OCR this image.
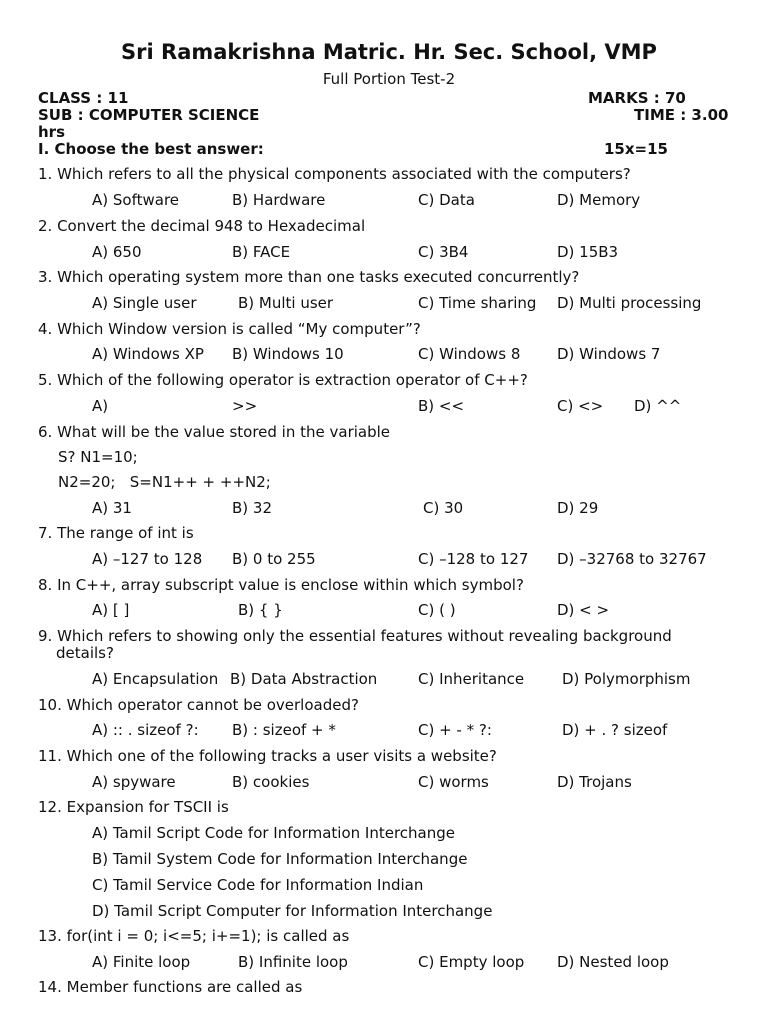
Sri Ramakrishna Matric. Hr. Sec. School, VMP
Full Portion Test-2
CLASS : 11	MARKS : 70
SUB : COMPUTER SCIENCE	TIME : 3.00
hrs
I. Choose the best answer:	15x=15
1. Which refers to all the physical components associated with the computers?
A) Software	B) Hardware	C) Data	D) Memory
2. Convert the decimal 948 to Hexadecimal
A) 650	B) FACE	C) 3B4	D) 15B3
3. Which operating system more than one tasks executed concurrently?
A) Single user	B) Multi user	C) Time sharing D) Multi processing
4. Which Window version is called “My computer”?
A) Windows XP B) Windows 10	C) Windows 8 D) Windows 7
5. Which of the following operator is extraction operator of C++?
A)	>>	B) <<	C) <> D) ^^
6. What will be the value stored in the variable
S? N1=10;
N2=20;   S=N1++ + ++N2;
A) 31	B) 32	C) 30	D) 29
7. The range of int is
A) –127 to 128 B) 0 to 255	C) –128 to 127 D) –32768 to 32767
8. In C++, array subscript value is enclose within which symbol?
A) [ ]	B) { }	C) ( )	D) < >
9. Which refers to showing only the essential features without revealing background
details?
A) Encapsulation B) Data Abstraction	C) Inheritance	D) Polymorphism
10. Which operator cannot be overloaded?
A) :: . sizeof ?: B) : sizeof + *	C) + - * ?:	D) + . ? sizeof
11. Which one of the following tracks a user visits a website?
A) spyware	B) cookies	C) worms	D) Trojans
12. Expansion for TSCII is
A) Tamil Script Code for Information Interchange
B) Tamil System Code for Information Interchange
C) Tamil Service Code for Information Indian
D) Tamil Script Computer for Information Interchange
13. for(int i = 0; i<=5; i+=1); is called as
A) Finite loop	B) Infinite loop	C) Empty loop D) Nested loop
14. Member functions are called as
